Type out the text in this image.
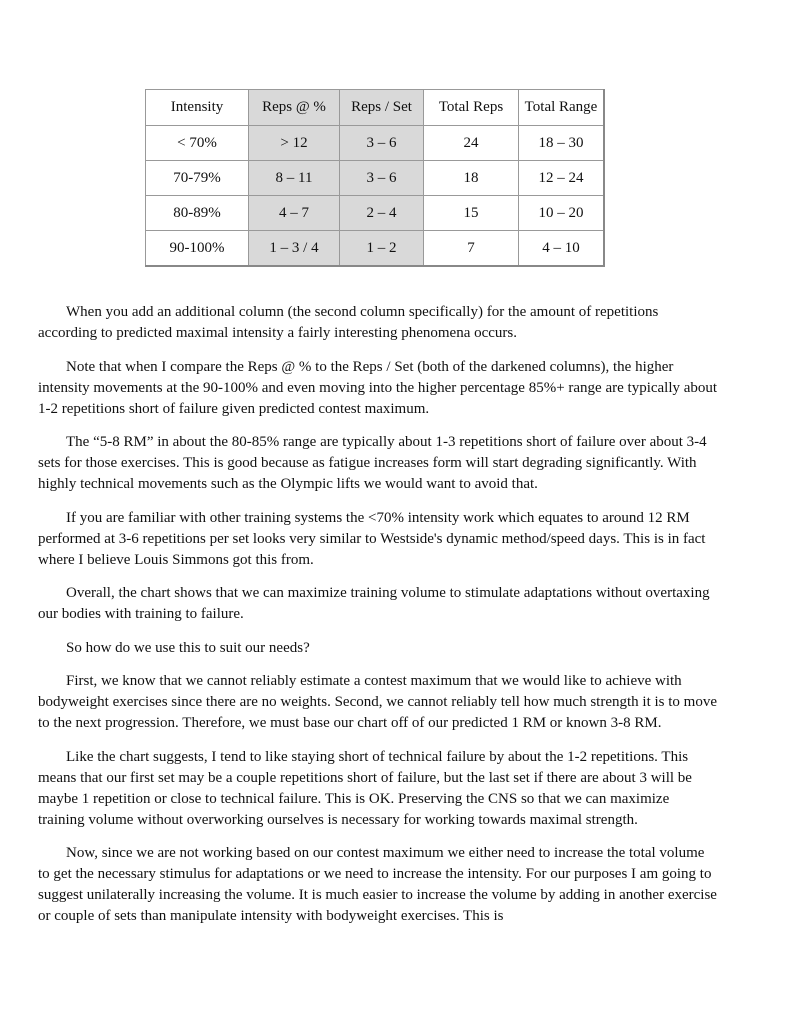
Intensity	Reps @ %	Reps / Set	Total Reps	Total Range
< 70%	> 12	3 – 6	24	18 – 30
70-79%	8 – 11	3 – 6	18	12 – 24
80-89%	4 – 7	2 – 4	15	10 – 20
90-100%	1 – 3 / 4	1 – 2	7	4 – 10

When you add an additional column (the second column specifically) for the amount of repetitions according to predicted maximal intensity a fairly interesting phenomena occurs.

Note that when I compare the Reps @ % to the Reps / Set (both of the darkened columns), the higher intensity movements at the 90-100% and even moving into the higher percentage 85%+ range are typically about 1-2 repetitions short of failure given predicted contest maximum.

The “5-8 RM” in about the 80-85% range are typically about 1-3 repetitions short of failure over about 3-4 sets for those exercises. This is good because as fatigue increases form will start degrading significantly. With highly technical movements such as the Olympic lifts we would want to avoid that.

If you are familiar with other training systems the <70% intensity work which equates to around 12 RM performed at 3-6 repetitions per set looks very similar to Westside's dynamic method/speed days. This is in fact where I believe Louis Simmons got this from.

Overall, the chart shows that we can maximize training volume to stimulate adaptations without overtaxing our bodies with training to failure.

So how do we use this to suit our needs?

First, we know that we cannot reliably estimate a contest maximum that we would like to achieve with bodyweight exercises since there are no weights. Second, we cannot reliably tell how much strength it is to move to the next progression. Therefore, we must base our chart off of our predicted 1 RM or known 3-8 RM.

Like the chart suggests, I tend to like staying short of technical failure by about the 1-2 repetitions. This means that our first set may be a couple repetitions short of failure, but the last set if there are about 3 will be maybe 1 repetition or close to technical failure. This is OK. Preserving the CNS so that we can maximize training volume without overworking ourselves is necessary for working towards maximal strength.

Now, since we are not working based on our contest maximum we either need to increase the total volume to get the necessary stimulus for adaptations or we need to increase the intensity. For our purposes I am going to suggest unilaterally increasing the volume. It is much easier to increase the volume by adding in another exercise or couple of sets than manipulate intensity with bodyweight exercises. This is
